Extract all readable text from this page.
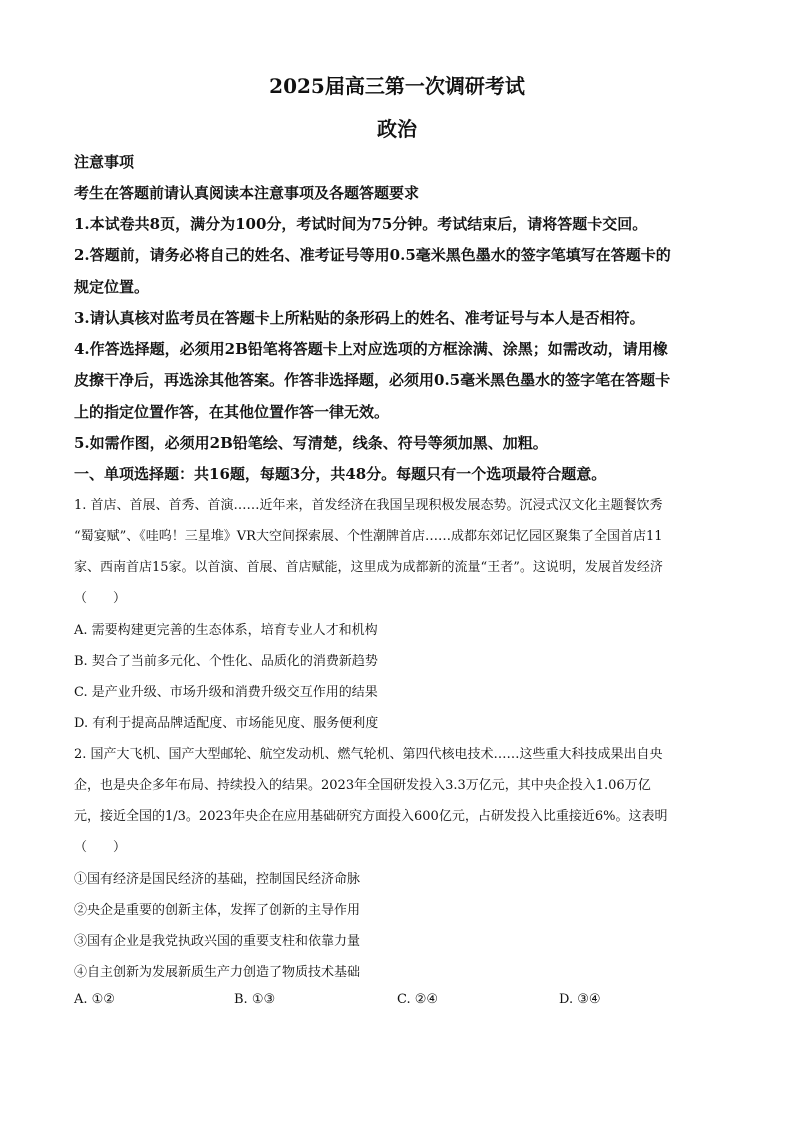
2025届高三第一次调研考试
政治
注意事项
考生在答题前请认真阅读本注意事项及各题答题要求
1.本试卷共8页，满分为100分，考试时间为75分钟。考试结束后，请将答题卡交回。
2.答题前，请务必将自己的姓名、准考证号等用0.5毫米黑色墨水的签字笔填写在答题卡的
规定位置。
3.请认真核对监考员在答题卡上所粘贴的条形码上的姓名、准考证号与本人是否相符。
4.作答选择题，必须用2B铅笔将答题卡上对应选项的方框涂满、涂黑；如需改动，请用橡
皮擦干净后，再选涂其他答案。作答非选择题，必须用0.5毫米黑色墨水的签字笔在答题卡
上的指定位置作答，在其他位置作答一律无效。
5.如需作图，必须用2B铅笔绘、写清楚，线条、符号等须加黑、加粗。
一、单项选择题：共16题，每题3分，共48分。每题只有一个选项最符合题意。
1. 首店、首展、首秀、首演……近年来，首发经济在我国呈现积极发展态势。沉浸式汉文化主题餐饮秀
“蜀宴赋”、《哇呜！三星堆》VR大空间探索展、个性潮牌首店……成都东郊记忆园区聚集了全国首店11
家、西南首店15家。以首演、首展、首店赋能，这里成为成都新的流量“王者”。这说明，发展首发经济
（　　）
A. 需要构建更完善的生态体系，培育专业人才和机构
B. 契合了当前多元化、个性化、品质化的消费新趋势
C. 是产业升级、市场升级和消费升级交互作用的结果
D. 有利于提高品牌适配度、市场能见度、服务便利度
2. 国产大飞机、国产大型邮轮、航空发动机、燃气轮机、第四代核电技术……这些重大科技成果出自央
企，也是央企多年布局、持续投入的结果。2023年全国研发投入3.3万亿元，其中央企投入1.06万亿
元，接近全国的1/3。2023年央企在应用基础研究方面投入600亿元，占研发投入比重接近6%。这表明
（　　）
①国有经济是国民经济的基础，控制国民经济命脉
②央企是重要的创新主体，发挥了创新的主导作用
③国有企业是我党执政兴国的重要支柱和依靠力量
④自主创新为发展新质生产力创造了物质技术基础
A. ①②	B. ①③	C. ②④	D. ③④
